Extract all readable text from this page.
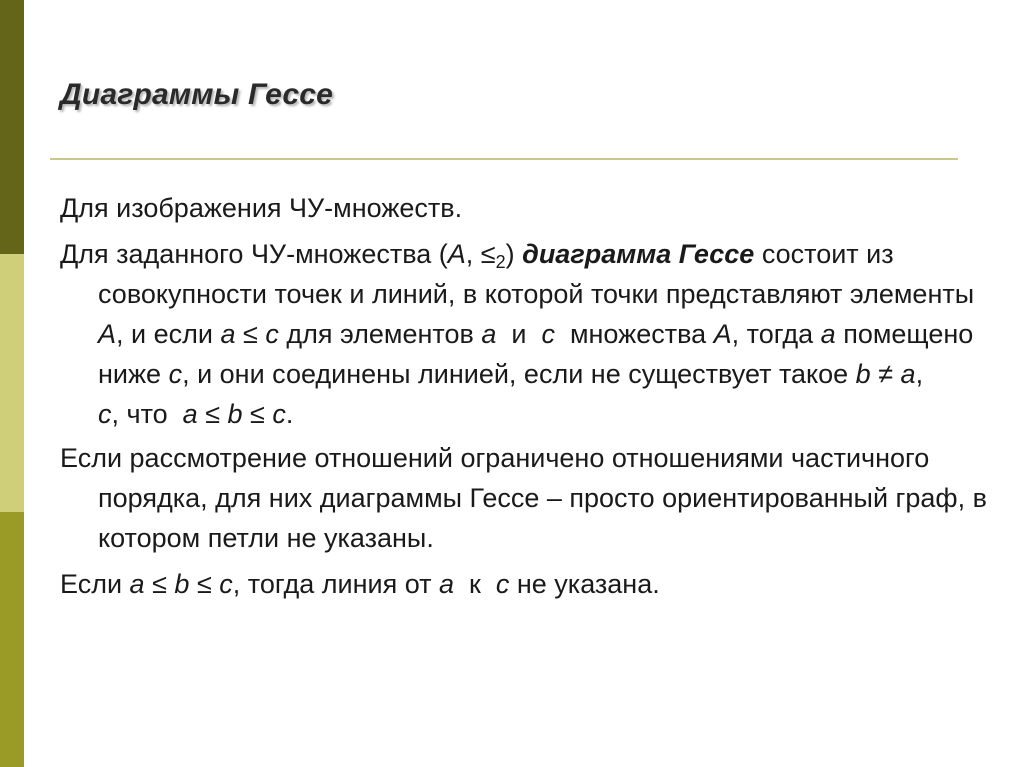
Диаграммы Гессе

Для изображения ЧУ-множеств.

Для заданного ЧУ-множества (A, $\le_2$) диаграмма Гессе состоит из совокупности точек и линий, в которой точки представляют элементы A, и если a ≤ c для элементов a  и  c  множества A, тогда a помещено ниже c, и они соединены линией, если не существует такое b ≠ a, c, что  a ≤ b ≤ c.

Если рассмотрение отношений ограничено отношениями частичного порядка, для них диаграммы Гессе – просто ориентированный граф, в котором петли не указаны.

Если a ≤ b ≤ c, тогда линия от a  к  c не указана.
